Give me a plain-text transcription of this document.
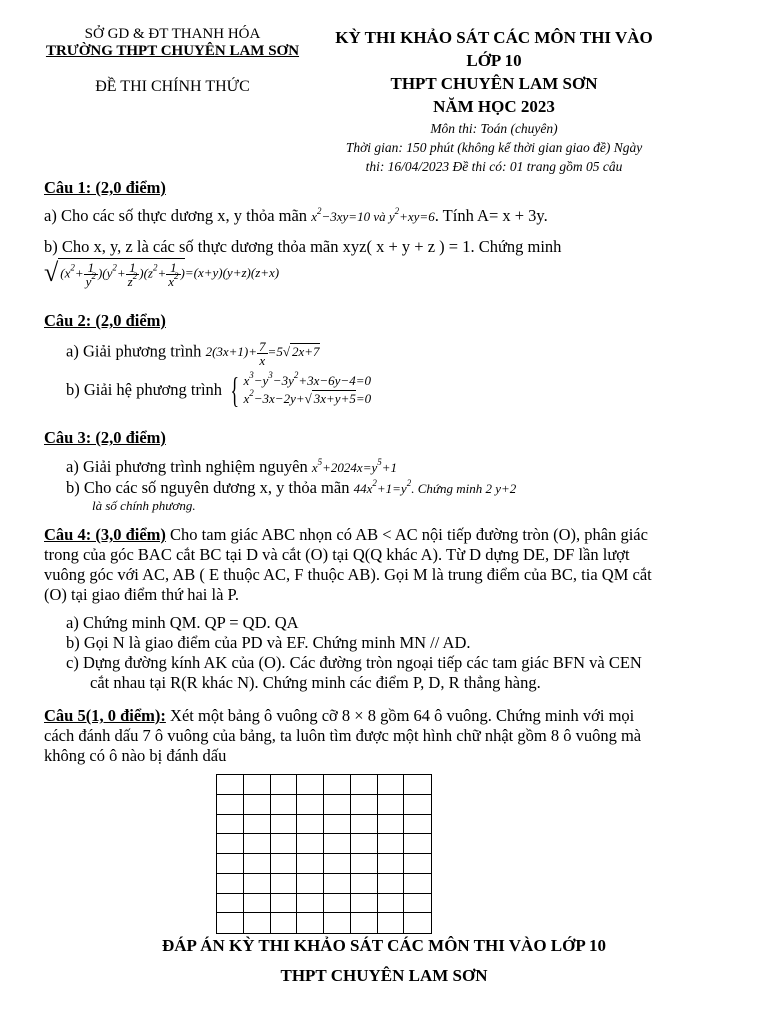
SỞ GD & ĐT THANH HÓA
TRƯỜNG THPT CHUYÊN LAM SƠN
ĐỀ THI CHÍNH THỨC
KỲ THI KHẢO SÁT CÁC MÔN THI VÀO
LỚP 10
THPT CHUYÊN LAM SƠN
NĂM HỌC 2023
Môn thi: Toán (chuyên)
Thời gian: 150 phút (không kể thời gian giao đề) Ngày
thi: 16/04/2023 Đề thi có: 01 trang gồm 05 câu
Câu 1: (2,0 điểm)
a) Cho các số thực dương x, y thỏa mãn $x^2-3xy=10$ và $y^2+xy=6$. Tính A= x + 3y.
b) Cho x, y, z là các số thực dương thỏa mãn xyz( x + y + z ) = 1. Chứng minh
√ $(x^2+ \frac{1}{y^2} )(y^2+ \frac{1}{z^2} )(z^2+ \frac{1}{x^2} )=(x+y)(y+z)(z+x)$
Câu 2: (2,0 điểm)
a) Giải phương trình $2(3x+1)+ \frac{7}{x} =5√$ 2x+7
b) Giải hệ phương trình { $x^3-y^3-3y^2+3x-6y-4=0$
$x^2-3x-2y+√$ 3x+y+5=0
Câu 3: (2,0 điểm)
a) Giải phương trình nghiệm nguyên $x^5+2024x=y^5+1$
b) Cho các số nguyên dương x, y thỏa mãn $44x^2+1=y^2$. Chứng minh 2 y+2
là số chính phương.
Câu 4: (3,0 điểm) Cho tam giác ABC nhọn có AB < AC nội tiếp đường tròn (O), phân giác
trong của góc BAC cắt BC tại D và cắt (O) tại Q(Q khác A). Từ D dựng DE, DF lần lượt
vuông góc với AC, AB ( E thuộc AC, F thuộc AB). Gọi M là trung điểm của BC, tia QM cắt
(O) tại giao điểm thứ hai là P.
a) Chứng minh QM. QP = QD. QA
b) Gọi N là giao điểm của PD và EF. Chứng minh MN // AD.
c) Dựng đường kính AK của (O). Các đường tròn ngoại tiếp các tam giác BFN và CEN
cắt nhau tại R(R khác N). Chứng minh các điểm P, D, R thẳng hàng.
Câu 5(1, 0 điểm): Xét một bảng ô vuông cỡ 8 × 8 gồm 64 ô vuông. Chứng minh với mọi
cách đánh dấu 7 ô vuông của bảng, ta luôn tìm được một hình chữ nhật gồm 8 ô vuông mà
không có ô nào bị đánh dấu
ĐÁP ÁN KỲ THI KHẢO SÁT CÁC MÔN THI VÀO LỚP 10
THPT CHUYÊN LAM SƠN
